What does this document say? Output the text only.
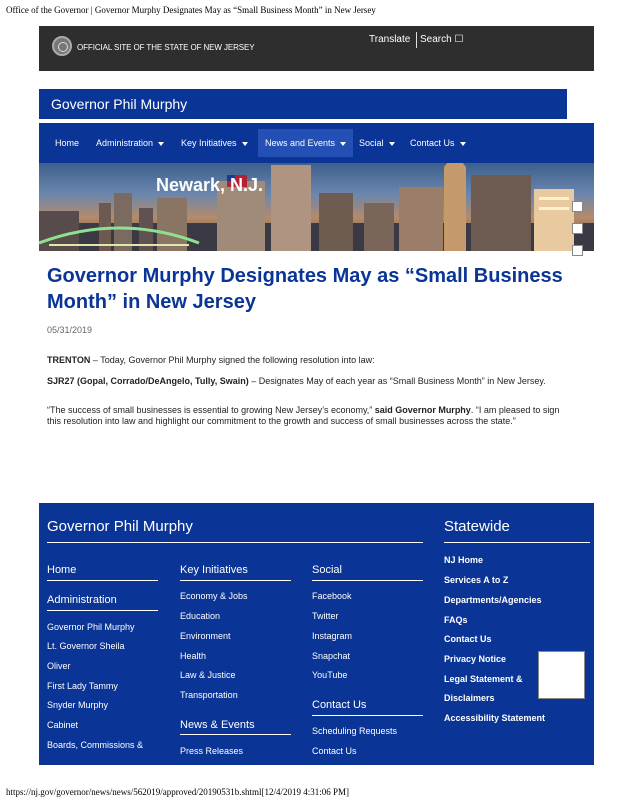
Office of the Governor | Governor Murphy Designates May as “Small Business Month” in New Jersey
OFFICIAL SITE OF THE STATE OF NEW JERSEY
Translate Search ☐
Governor Phil Murphy
Home	Administration	Key Initiatives	News and Events	Social	Contact Us
Newark, N.J.
Governor Murphy Designates May as “Small Business Month” in New Jersey
05/31/2019

TRENTON – Today, Governor Phil Murphy signed the following resolution into law:

SJR27 (Gopal, Corrado/DeAngelo, Tully, Swain) – Designates May of each year as “Small Business Month” in New Jersey.

“The success of small businesses is essential to growing New Jersey’s economy,” said Governor Murphy. “I am pleased to sign this resolution into law and highlight our commitment to the growth and success of small businesses across the state.”

Governor Phil Murphy	Statewide
Home
Administration
Governor Phil Murphy
Lt. Governor Sheila
Oliver
First Lady Tammy
Snyder Murphy
Cabinet
Boards, Commissions &
Key Initiatives
Economy & Jobs
Education
Environment
Health
Law & Justice
Transportation
News & Events
Press Releases
Social
Facebook
Twitter
Instagram
Snapchat
YouTube
Contact Us
Scheduling Requests
Contact Us
NJ Home
Services A to Z
Departments/Agencies
FAQs
Contact Us
Privacy Notice
Legal Statement &
Disclaimers
Accessibility Statement
https://nj.gov/governor/news/news/562019/approved/20190531b.shtml[12/4/2019 4:31:06 PM]
